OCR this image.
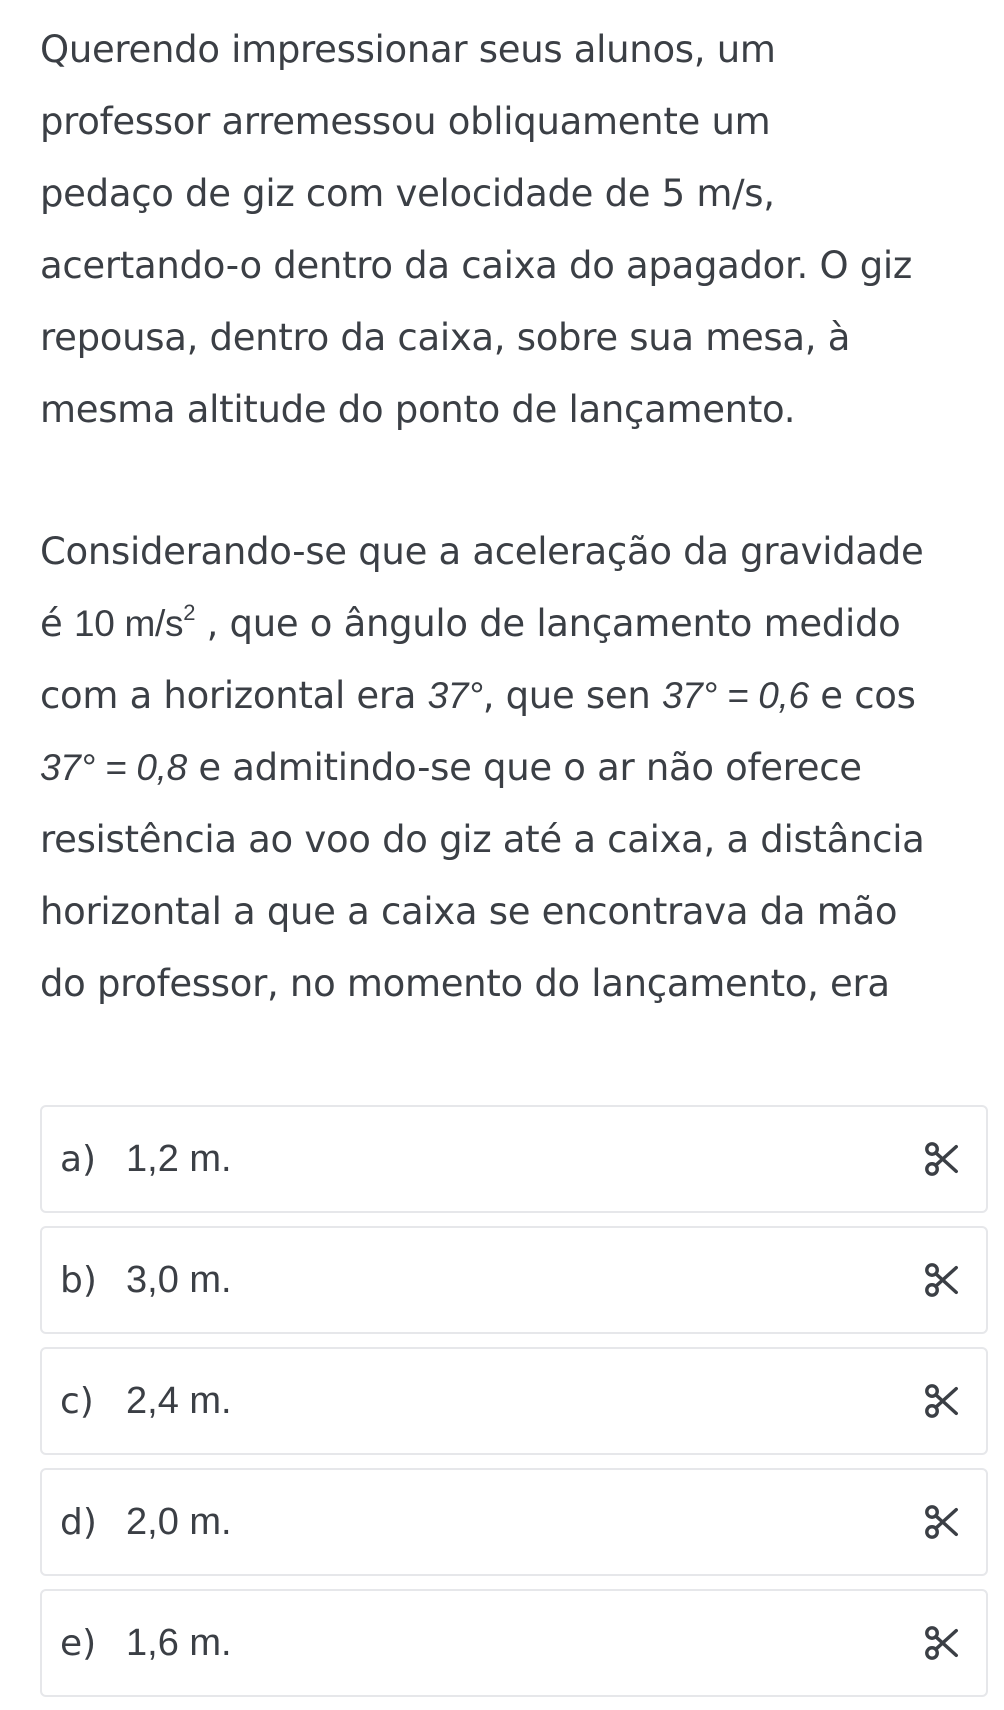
Querendo impressionar seus alunos, um
professor arremessou obliquamente um
pedaço de giz com velocidade de 5 m/s,
acertando-o dentro da caixa do apagador. O giz
repousa, dentro da caixa, sobre sua mesa, à
mesma altitude do ponto de lançamento.

Considerando-se que a aceleração da gravidade
é 10 $m/s^2$ , que o ângulo de lançamento medido
com a horizontal era 37°, que sen 37° = 0,6 e cos
37° = 0,8 e admitindo-se que o ar não oferece
resistência ao voo do giz até a caixa, a distância
horizontal a que a caixa se encontrava da mão
do professor, no momento do lançamento, era

a) 1,2 m.
b) 3,0 m.
c) 2,4 m.
d) 2,0 m.
e) 1,6 m.
